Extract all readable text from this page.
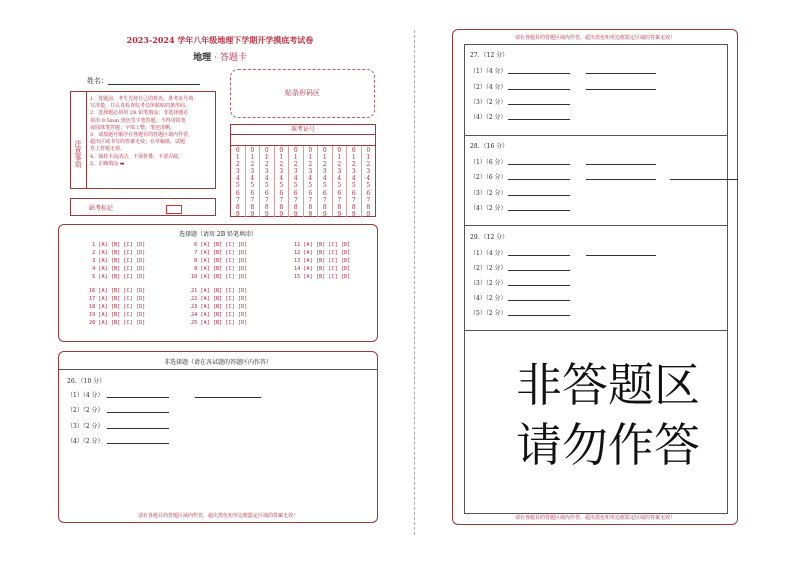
2023-2024 学年八年级地理下学期开学摸底考试卷
地理 · 答题卡
姓名：
注意事项
1．答题前，考生先将自己的姓名，准考证号填
写清楚，并认真检查监考员所粘贴的条形码。
2．选择题必须用 2B 铅笔填涂；非选择题必
须用 0.5mm 黑色签字笔答题，不得用铅笔
或圆珠笔答题；字体工整、笔迹清晰。
3．请按题号顺序在各题目的答题区域内作答，
超出区域书写的答案无效；在草稿纸、试题
卷上答题无效。
4．保持卡面清洁，不要折叠、不要弄破。
5．正确填涂 ▬
缺考标记
贴条形码区
准考证号
0
1
2
3
4
5
6
7
8
9
0
1
2
3
4
5
6
7
8
9
0
1
2
3
4
5
6
7
8
9
0
1
2
3
4
5
6
7
8
9
0
1
2
3
4
5
6
7
8
9
0
1
2
3
4
5
6
7
8
9
0
1
2
3
4
5
6
7
8
9
0
1
2
3
4
5
6
7
8
9
0
1
2
3
4
5
6
7
8
9
0
1
2
3
4
5
6
7
8
9
选择题（请用 2B 铅笔填涂）
1 [A] [B] [C] [D]
2 [A] [B] [C] [D]
3 [A] [B] [C] [D]
4 [A] [B] [C] [D]
5 [A] [B] [C] [D]
6 [A] [B] [C] [D]
7 [A] [B] [C] [D]
8 [A] [B] [C] [D]
9 [A] [B] [C] [D]
10 [A] [B] [C] [D]
11 [A] [B] [C] [D]
12 [A] [B] [C] [D]
13 [A] [B] [C] [D]
14 [A] [B] [C] [D]
15 [A] [B] [C] [D]
16 [A] [B] [C] [D]
17 [A] [B] [C] [D]
18 [A] [B] [C] [D]
19 [A] [B] [C] [D]
20 [A] [B] [C] [D]
21 [A] [B] [C] [D]
22 [A] [B] [C] [D]
23 [A] [B] [C] [D]
24 [A] [B] [C] [D]
25 [A] [B] [C] [D]
非选择题（请在各试题的答题区内作答）
26．（10 分）
（1）（4 分）
（2）（2 分）
（3）（2 分）
（4）（2 分）
请在各题目的答题区域内作答，超出黑色矩形边框限定区域的答案无效！
请在各题目的答题区域内作答，超出黑色矩形边框限定区域的答案无效！
27．（12 分）
（1）（4 分）
（2）（4 分）
（3）（2 分）
（4）（2 分）
28．（16 分）
（1）（6 分）
（2）（6 分）
（3）（2 分）
（4）（2 分）
29．（12 分）
（1）（4 分）
（2）（2 分）
（3）（2 分）
（4）（2 分）
（5）（2 分）
非答题区
请勿作答
请在各题目的答题区域内作答，超出黑色矩形边框限定区域的答案无效！
